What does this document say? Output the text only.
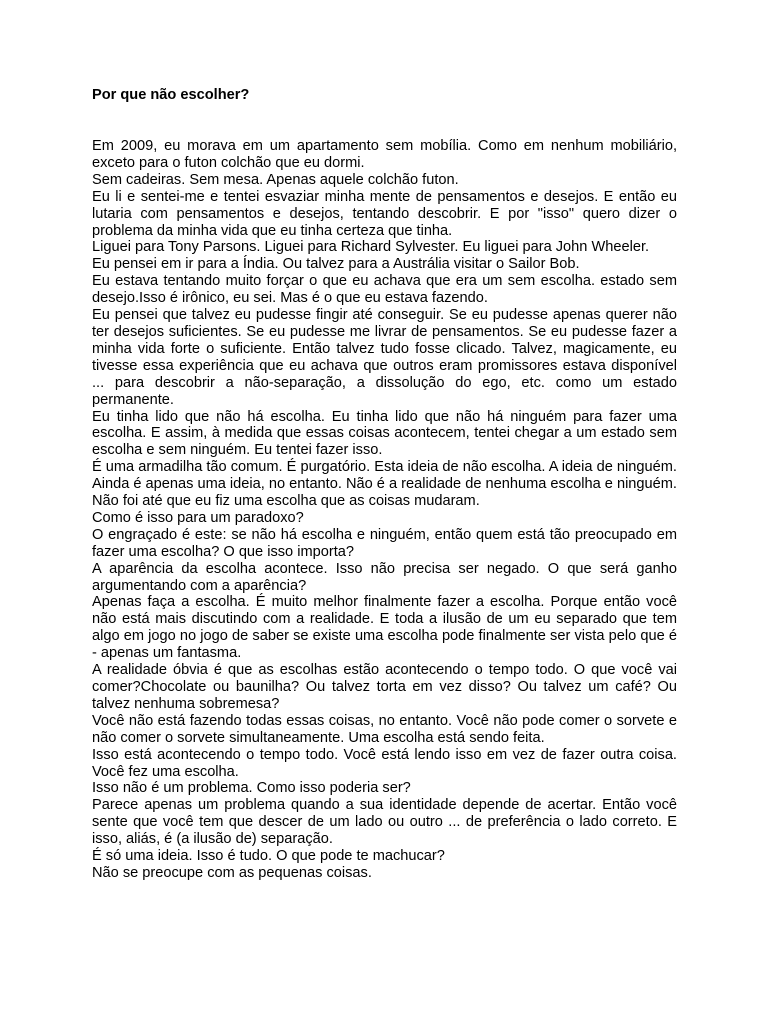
Por que não escolher?

Em 2009, eu morava em um apartamento sem mobília. Como em nenhum mobiliário, exceto para o futon colchão que eu dormi.

Sem cadeiras. Sem mesa. Apenas aquele colchão futon.

Eu li e sentei-me e tentei esvaziar minha mente de pensamentos e desejos. E então eu lutaria com pensamentos e desejos, tentando descobrir. E por "isso" quero dizer o problema da minha vida que eu tinha certeza que tinha.

Liguei para Tony Parsons. Liguei para Richard Sylvester. Eu liguei para John Wheeler.

Eu pensei em ir para a Índia. Ou talvez para a Austrália visitar o Sailor Bob.

Eu estava tentando muito forçar o que eu achava que era um sem escolha. estado sem desejo.Isso é irônico, eu sei. Mas é o que eu estava fazendo.

Eu pensei que talvez eu pudesse fingir até conseguir. Se eu pudesse apenas querer não ter desejos suficientes. Se eu pudesse me livrar de pensamentos. Se eu pudesse fazer a minha vida forte o suficiente. Então talvez tudo fosse clicado. Talvez, magicamente, eu tivesse essa experiência que eu achava que outros eram promissores estava disponível ... para descobrir a não-separação, a dissolução do ego, etc. como um estado permanente.

Eu tinha lido que não há escolha. Eu tinha lido que não há ninguém para fazer uma escolha. E assim, à medida que essas coisas acontecem, tentei chegar a um estado sem escolha e sem ninguém. Eu tentei fazer isso.

É uma armadilha tão comum. É purgatório. Esta ideia de não escolha. A ideia de ninguém.

Ainda é apenas uma ideia, no entanto. Não é a realidade de nenhuma escolha e ninguém.

Não foi até que eu fiz uma escolha que as coisas mudaram.

Como é isso para um paradoxo?

O engraçado é este: se não há escolha e ninguém, então quem está tão preocupado em fazer uma escolha? O que isso importa?

A aparência da escolha acontece. Isso não precisa ser negado. O que será ganho argumentando com a aparência?

Apenas faça a escolha. É muito melhor finalmente fazer a escolha. Porque então você não está mais discutindo com a realidade. E toda a ilusão de um eu separado que tem algo em jogo no jogo de saber se existe uma escolha pode finalmente ser vista pelo que é - apenas um fantasma.

A realidade óbvia é que as escolhas estão acontecendo o tempo todo. O que você vai comer?Chocolate ou baunilha? Ou talvez torta em vez disso? Ou talvez um café? Ou talvez nenhuma sobremesa?

Você não está fazendo todas essas coisas, no entanto. Você não pode comer o sorvete e não comer o sorvete simultaneamente. Uma escolha está sendo feita.

Isso está acontecendo o tempo todo. Você está lendo isso em vez de fazer outra coisa. Você fez uma escolha.

Isso não é um problema. Como isso poderia ser?

Parece apenas um problema quando a sua identidade depende de acertar. Então você sente que você tem que descer de um lado ou outro ... de preferência o lado correto. E isso, aliás, é (a ilusão de) separação.

É só uma ideia. Isso é tudo. O que pode te machucar?

Não se preocupe com as pequenas coisas.
